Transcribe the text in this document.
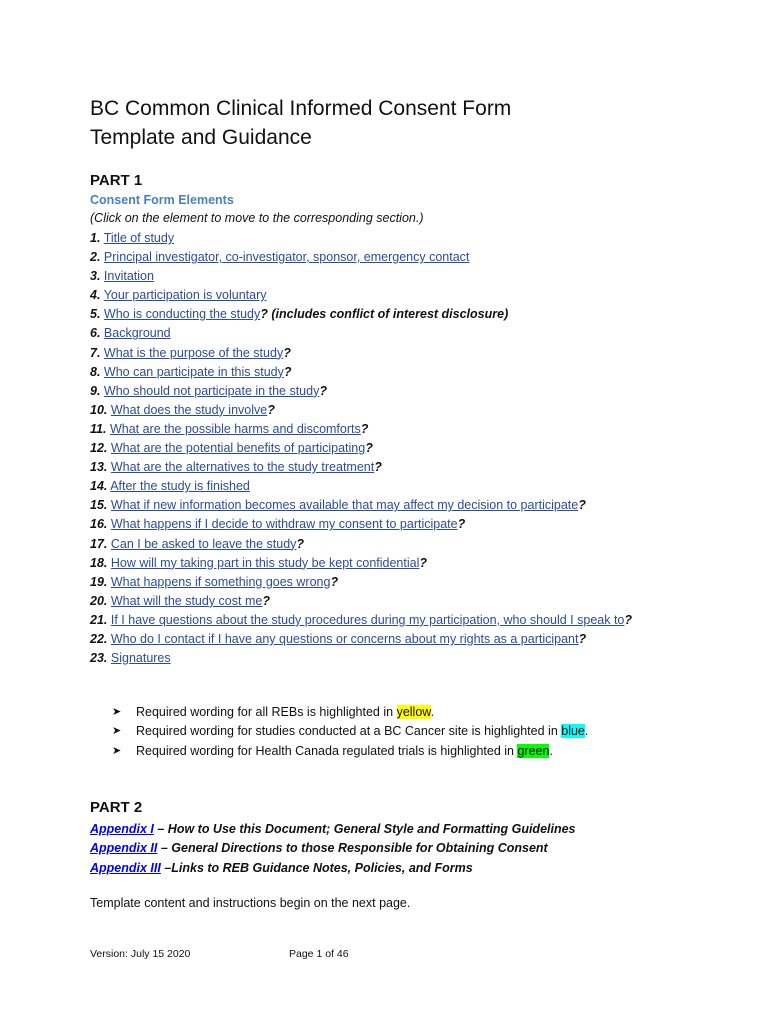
BC Common Clinical Informed Consent Form
Template and Guidance
PART 1
Consent Form Elements
(Click on the element to move to the corresponding section.)
1. Title of study
2. Principal investigator, co-investigator, sponsor, emergency contact
3. Invitation
4. Your participation is voluntary
5. Who is conducting the study? (includes conflict of interest disclosure)
6. Background
7. What is the purpose of the study?
8. Who can participate in this study?
9. Who should not participate in the study?
10. What does the study involve?
11. What are the possible harms and discomforts?
12. What are the potential benefits of participating?
13. What are the alternatives to the study treatment?
14. After the study is finished
15. What if new information becomes available that may affect my decision to participate?
16. What happens if I decide to withdraw my consent to participate?
17. Can I be asked to leave the study?
18. How will my taking part in this study be kept confidential?
19. What happens if something goes wrong?
20. What will the study cost me?
21. If I have questions about the study procedures during my participation, who should I speak to?
22. Who do I contact if I have any questions or concerns about my rights as a participant?
23. Signatures
➤ Required wording for all REBs is highlighted in yellow.
➤ Required wording for studies conducted at a BC Cancer site is highlighted in blue.
➤ Required wording for Health Canada regulated trials is highlighted in green.
PART 2
Appendix I – How to Use this Document; General Style and Formatting Guidelines
Appendix II – General Directions to those Responsible for Obtaining Consent
Appendix III –Links to REB Guidance Notes, Policies, and Forms
Template content and instructions begin on the next page.
Version: July 15 2020	Page 1 of 46
